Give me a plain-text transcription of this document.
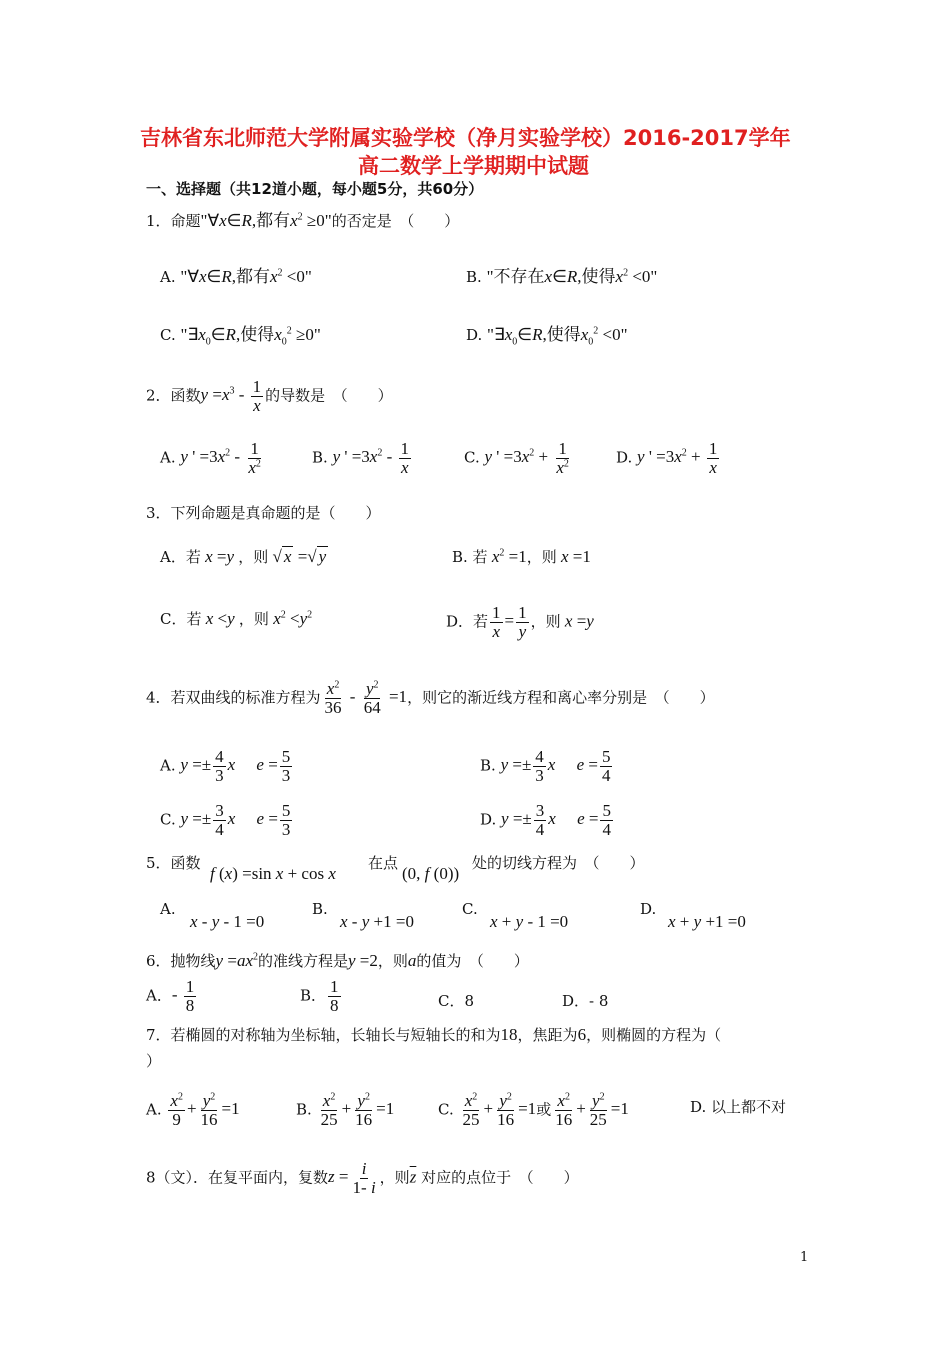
吉林省东北师范大学附属实验学校（净月实验学校）2016-2017学年
高二数学上学期期中试题
一、选择题（共12道小题，每小题5分，共60分）
1．命题"∀x∈R,都有$x^2 \ge 0$"的否定是　（　　）
A. "∀x∈R,都有$x^2 <0$"	B. "不存在x∈R,使得$x^2 <0$"
C. "$\exists x_0\in R$,使得$x_0^2 \ge 0$"	D. "$\exists x_0\in R$,使得$x_0^2 <0$"
2．函数$y =x^3 - \frac{1}{x}$ 的导数是　（　　）
A. y ' $=3x^2 - \frac{1}{x^2}$	B. y ' $=3x^2 - \frac{1}{x}$	C. y ' $=3x^2 + \frac{1}{x^2}$	D. y ' $=3x^2 + \frac{1}{x}$
3．下列命题是真命题的是（　　）
A．若 x =y ，则 √ x =√ y	B. 若 $x^2 =1$，则 x =1
C．若 x <y ，则 $x^2 <y^2$	D．若 $\frac{1}{x} = \frac{1}{y}$ ，则 x =y
4．若双曲线的标准方程为 $\frac{x^2}{36} - \frac{y^2}{64} =1$，则它的渐近线方程和离心率分别是　（　　）
A. $y =\pm \frac{4}{3}$ x $e = \frac{5}{3}$	B. $y =\pm \frac{4}{3}$ x $e = \frac{5}{4}$
C. $y =\pm \frac{3}{4}$ x $e = \frac{5}{3}$	D. $y =\pm \frac{3}{4}$ x $e = \frac{5}{4}$
5．函数
f (x) =sin x + cos x
在点
(0, f (0))
处的切线方程为　（　　）
A.
x - y - 1 =0
B.
x - y +1 =0
C.
x + y - 1 =0
D.
x + y +1 =0
6．抛物线$y =ax^2$的准线方程是y =2，则a的值为　（　　）
A．- $\frac{1}{8}$	B． $\frac{1}{8}$	C．8	D．- 8
7．若椭圆的对称轴为坐标轴，长轴长与短轴长的和为18，焦距为6，则椭圆的方程为（
）
A. $\frac{x^2}{9} + \frac{y^2}{16} =1$	B. $\frac{x^2}{25} + \frac{y^2}{16} =1$	C. $\frac{x^2}{25} + \frac{y^2}{16} =1$或 $\frac{x^2}{16} + \frac{y^2}{25} =1$	D. 以上都不对
8（文）．在复平面内，复数$z = \frac{i}{1- i}$ ，则$\overline{z}$ 对应的点位于　（　　）
1
